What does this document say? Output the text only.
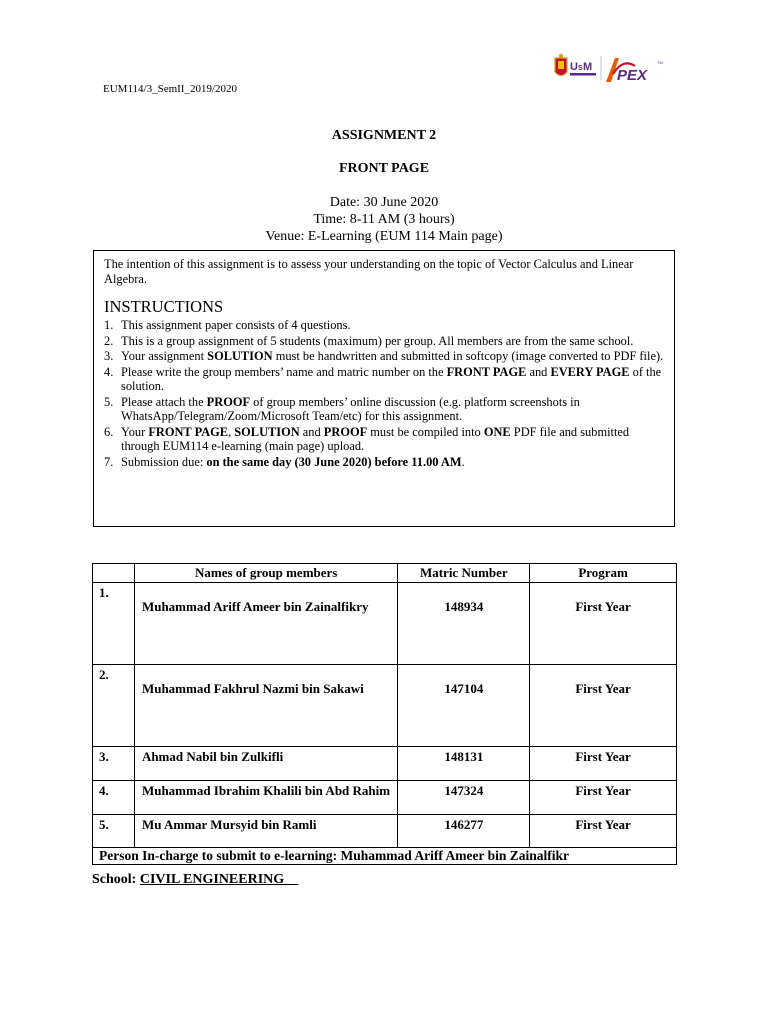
EUM114/3_SemII_2019/2020
U S M PEX
TM
ASSIGNMENT 2
FRONT PAGE
Date: 30 June 2020
Time: 8-11 AM (3 hours)
Venue: E-Learning (EUM 114 Main page)

The intention of this assignment is to assess your understanding on the topic of Vector Calculus and Linear Algebra.

INSTRUCTIONS
1. This assignment paper consists of 4 questions.
2. This is a group assignment of 5 students (maximum) per group. All members are from the same school.
3. Your assignment SOLUTION must be handwritten and submitted in softcopy (image converted to PDF file).
4. Please write the group members’ name and matric number on the FRONT PAGE and EVERY PAGE of the solution.
5. Please attach the PROOF of group members’ online discussion (e.g. platform screenshots in WhatsApp/Telegram/Zoom/Microsoft Team/etc) for this assignment.
6. Your FRONT PAGE, SOLUTION and PROOF must be compiled into ONE PDF file and submitted through EUM114 e-learning (main page) upload.
7. Submission due: on the same day (30 June 2020) before 11.00 AM.
	Names of group members	Matric Number	Program
1.	Muhammad Ariff Ameer bin Zainalfikry	148934	First Year
2.	Muhammad Fakhrul Nazmi bin Sakawi	147104	First Year
3.	Ahmad Nabil bin Zulkifli	148131	First Year
4.	Muhammad Ibrahim Khalili bin Abd Rahim	147324	First Year
5.	Mu Ammar Mursyid bin Ramli	146277	First Year
Person In-charge to submit to e-learning: Muhammad Ariff Ameer bin Zainalfikr			
School: CIVIL ENGINEERING__
